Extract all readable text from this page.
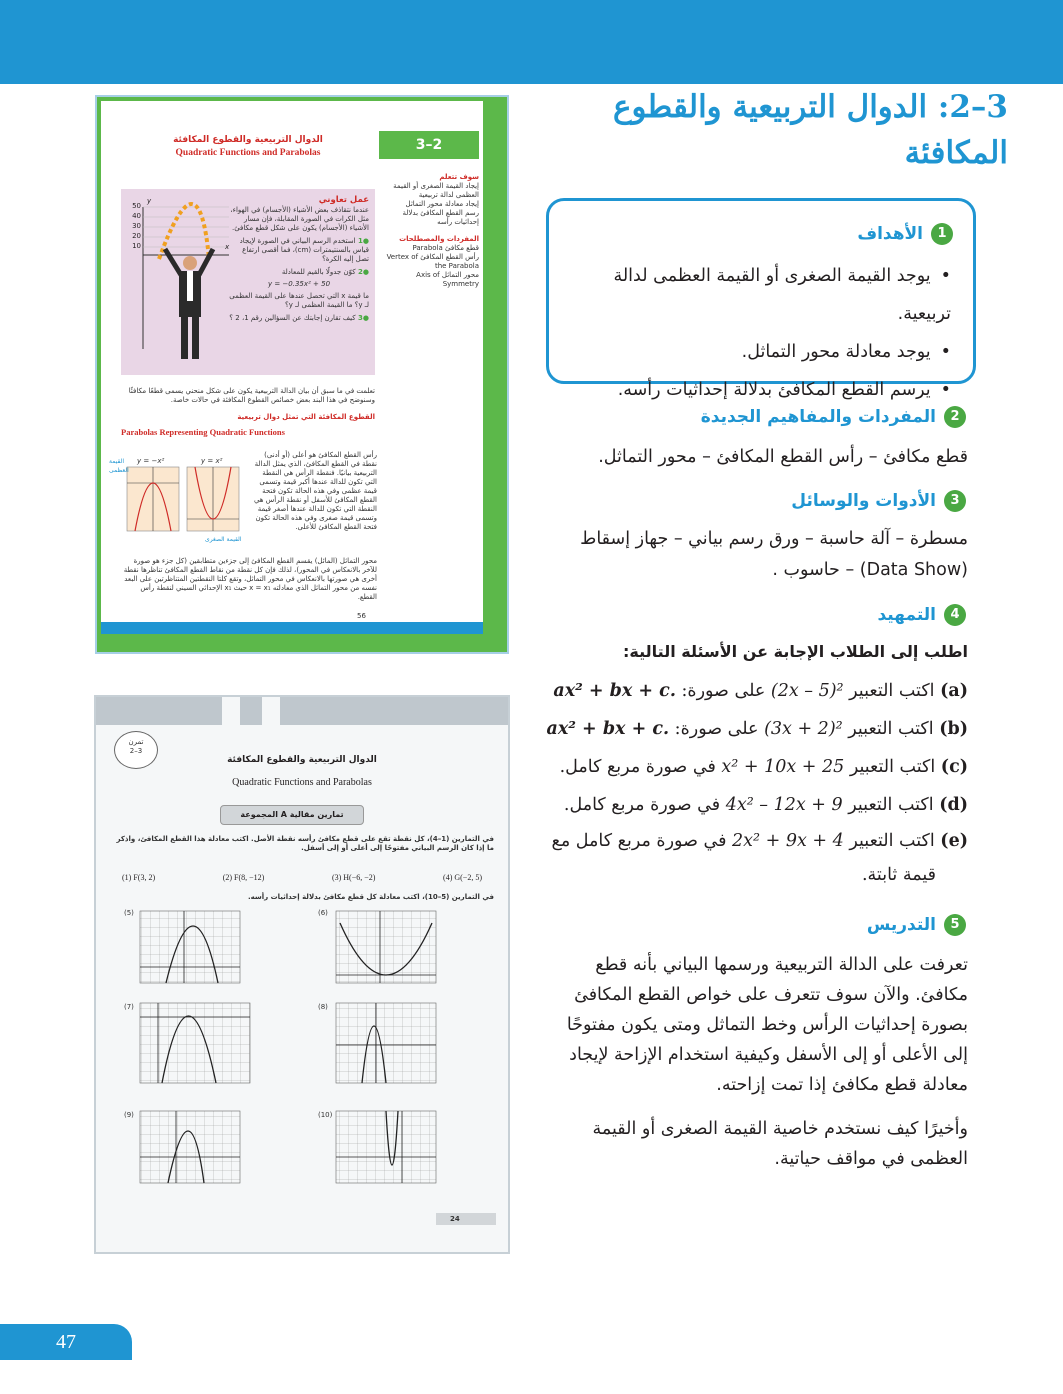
3–2
سوف تتعلم
إيجاد القيمة الصغرى أو القيمة العظمى لدالة تربيعية
إيجاد معادلة محور التماثل
رسم القطع المكافئ بدلالة إحداثيات رأسه
المفردات والمصطلحات
قطع مكافئ Parabola
رأس القطع المكافئ Vertex of the Parabola
محور التماثل Axis of Symmetry
الدوال التربيعية والقطوع المكافئة
Quadratic Functions and Parabolas
50
40
30
20
10
y
x
عمل تعاوني
عندما نتقاذف بعض الأشياء (الأجسام) في الهواء، مثل الكرات في الصورة المقابلة، فإن مسار الأشياء (الأجسام) يكون على شكل قطع مكافئ.
●1 استخدم الرسم البياني في الصورة لإيجاد قياس بالسنتيمترات (cm)، فما أقصى ارتفاع تصل إليه الكرة؟
●2 كوّن جدولًا بالقيم للمعادلة
y = −0.35x² + 50
ما قيمة x التي تحصل عندها على القيمة العظمى لـ y؟ ما القيمة العظمى لـ y؟
●3 كيف تقارن إجابتك عن السؤالين رقم 1، 2 ؟
تعلمت في ما سبق أن بيان الدالة التربيعية يكون على شكل منحني يسمى قطعًا مكافئًا وسنوضح في هذا البند بعض خصائص القطوع المكافئة في حالات خاصة.
القطوع المكافئة التي تمثل دوال تربيعية
Parabolas Representing Quadratic Functions
y = −x²	y = x²
القيمة العظمى
القيمة الصغرى
رأس القطع المكافئ هو أعلى (أو أدنى) نقطة في القطع المكافئ، الذي يمثل الدالة التربيعية بيانيًا. فنقطة الرأس هي النقطة التي تكون للدالة عندها أكبر قيمة وتسمى قيمة عظمى وفي هذه الحالة تكون فتحة القطع المكافئ للأسفل أو نقطة الرأس هي النقطة التي تكون للدالة عندها أصغر قيمة وتسمى قيمة صغرى وفي هذه الحالة تكون فتحة القطع المكافئ للأعلى.
محور التماثل (المائل) يقسم القطع المكافئ إلى جزءين متطابقين (كل جزء هو صورة للآخر بالانعكاس في المحور)، لذلك فإن كل نقطة من نقاط القطع المكافئ تناظرها نقطة أخرى هي صورتها بالانعكاس في محور التماثل، وتقع كلتا النقطتين المتناظرتين على البعد نفسه من محور التماثل الذي معادلته x = x₁ حيث x₁ الإحداثي السيني لنقطة رأس القطع.
56
تمرن
2–3
الدوال التربيعية والقطوع المكافئة
Quadratic Functions and Parabolas
المجموعة A تمارين مقالية
في التمارين (1–4)، كل نقطة تقع على قطع مكافئ رأسه نقطة الأصل. اكتب معادلة هذا القطع المكافئ، واذكر ما إذا كان الرسم البياني مفتوحًا إلى أعلى أو إلى أسفل.
(1) F(3, 2)	(2) F(8, −12)	(3) H(−6, −2)	(4) G(−2, 5)
في التمارين (5–10)، اكتب معادلة كل قطع مكافئ بدلالة إحداثيات رأسه.
(5)	(6)
(7)	(8)
(9)	(10)
24
3–2: الدوال التربيعية والقطوع المكافئة
1
الأهداف
• يوجد القيمة الصغرى أو القيمة العظمى لدالة تربيعية.
• يوجد معادلة محور التماثل.
• يرسم القطع المكافئ بدلالة إحداثيات رأسه.
2
المفردات والمفاهيم الجديدة
قطع مكافئ – رأس القطع المكافئ – محور التماثل.
3
الأدوات والوسائل
مسطرة – آلة حاسبة – ورق رسم بياني – جهاز إسقاط (Data Show) – حاسوب .
4
التمهيد
اطلب إلى الطلاب الإجابة عن الأسئلة التالية:
(a) اكتب التعبير (2x – 5)² على صورة: ax² + bx + c.
(b) اكتب التعبير (3x + 2)² على صورة: ax² + bx + c.
(c) اكتب التعبير x² + 10x + 25 في صورة مربع كامل.
(d) اكتب التعبير 4x² – 12x + 9 في صورة مربع كامل.
(e) اكتب التعبير 2x² + 9x + 4 في صورة مربع كامل مع قيمة ثابتة.
5
التدريس
تعرفت على الدالة التربيعية ورسمها البياني بأنه قطع مكافئ. والآن سوف تتعرف على خواص القطع المكافئ بصورة إحداثيات الرأس وخط التماثل ومتى يكون مفتوحًا إلى الأعلى أو إلى الأسفل وكيفية استخدام الإزاحة لإيجاد معادلة قطع مكافئ إذا تمت إزاحته.
وأخيرًا كيف نستخدم خاصية القيمة الصغرى أو القيمة العظمى في مواقف حياتية.
47
